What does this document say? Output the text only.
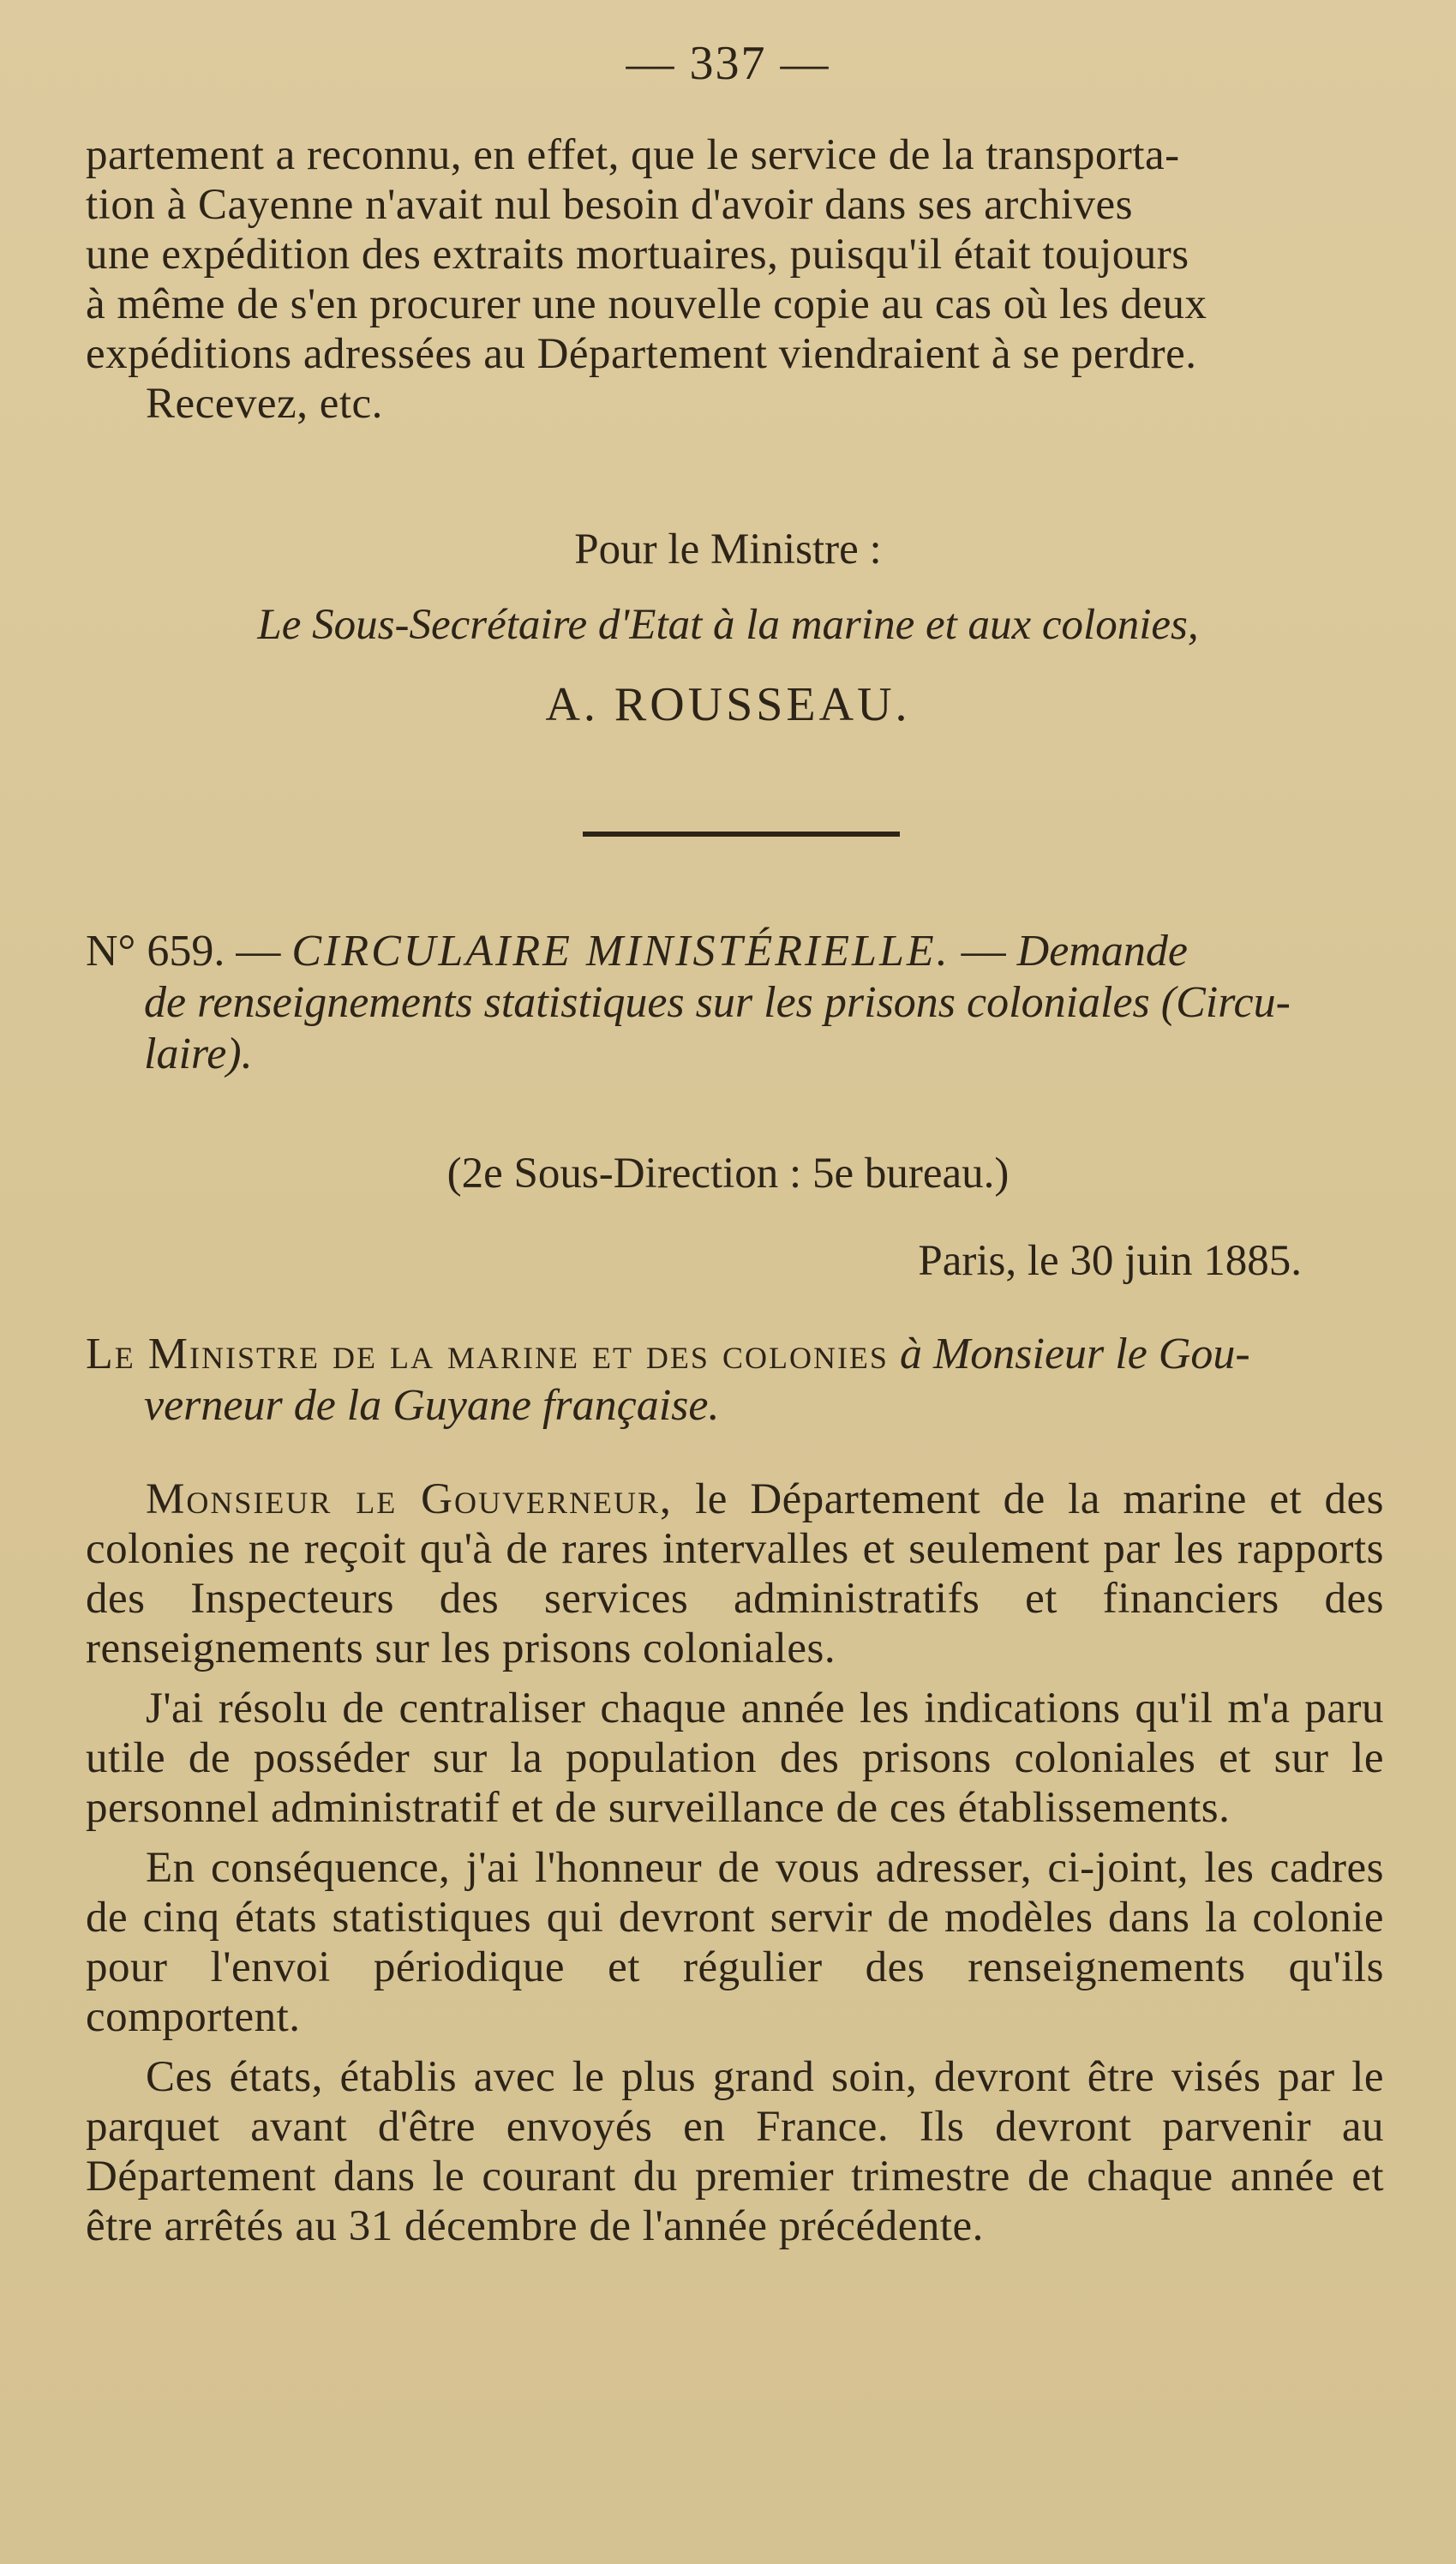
— 337 —

partement a reconnu, en effet, que le service de la transporta-

tion à Cayenne n'avait nul besoin d'avoir dans ses archives

une expédition des extraits mortuaires, puisqu'il était toujours

à même de s'en procurer une nouvelle copie au cas où les deux

expéditions adressées au Département viendraient à se perdre.

Recevez, etc.

Pour le Ministre :
Le Sous-Secrétaire d'Etat à la marine et aux colonies,
A. ROUSSEAU.
N° 659. — CIRCULAIRE MINISTÉRIELLE. — Demande
de renseignements statistiques sur les prisons coloniales (Circu-
laire).
(2e Sous-Direction : 5e bureau.)
Paris, le 30 juin 1885.
Le Ministre de la marine et des colonies à Monsieur le Gou-
verneur de la Guyane française.

Monsieur le Gouverneur, le Département de la marine et des colonies ne reçoit qu'à de rares intervalles et seulement par les rapports des Inspecteurs des services administratifs et financiers des renseignements sur les prisons coloniales.

J'ai résolu de centraliser chaque année les indications qu'il m'a paru utile de posséder sur la population des prisons coloniales et sur le personnel administratif et de surveillance de ces établissements.

En conséquence, j'ai l'honneur de vous adresser, ci-joint, les cadres de cinq états statistiques qui devront servir de modèles dans la colonie pour l'envoi périodique et régulier des renseignements qu'ils comportent.

Ces états, établis avec le plus grand soin, devront être visés par le parquet avant d'être envoyés en France. Ils devront parvenir au Département dans le courant du premier trimestre de chaque année et être arrêtés au 31 décembre de l'année précédente.
